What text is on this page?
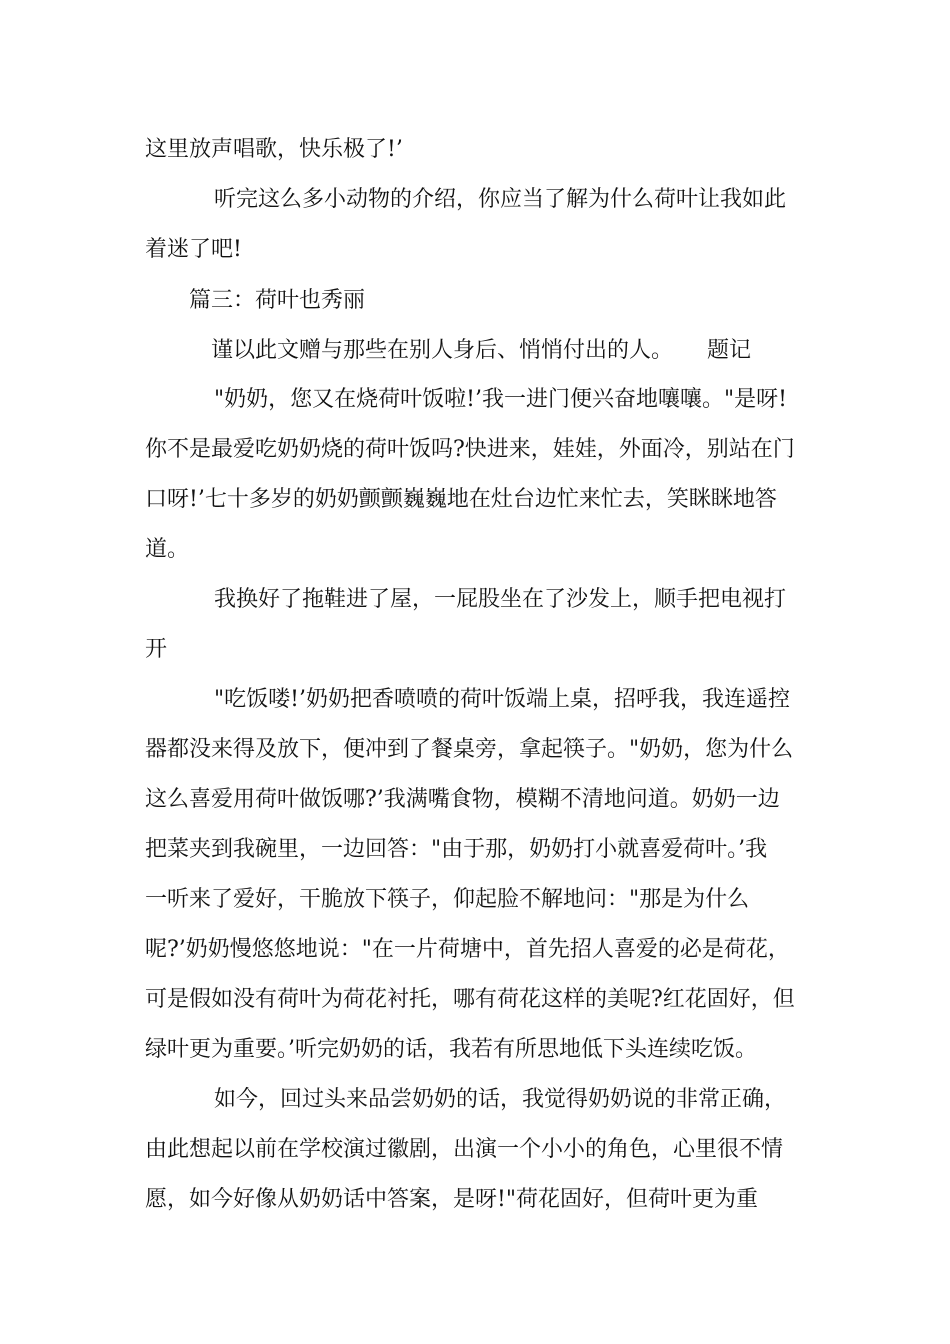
这里放声唱歌，快乐极了!’
听完这么多小动物的介绍，你应当了解为什么荷叶让我如此
着迷了吧!
篇三：荷叶也秀丽
谨以此文赠与那些在别人身后、悄悄付出的人。 题记
"奶奶，您又在烧荷叶饭啦!’我一进门便兴奋地嚷嚷。"是呀!
你不是最爱吃奶奶烧的荷叶饭吗?快进来，娃娃，外面冷，别站在门
口呀!’七十多岁的奶奶颤颤巍巍地在灶台边忙来忙去，笑眯眯地答
道。
我换好了拖鞋进了屋，一屁股坐在了沙发上，顺手把电视打
开
"吃饭喽!’奶奶把香喷喷的荷叶饭端上桌，招呼我，我连遥控
器都没来得及放下，便冲到了餐桌旁，拿起筷子。"奶奶，您为什么
这么喜爱用荷叶做饭哪?’我满嘴食物，模糊不清地问道。奶奶一边
把菜夹到我碗里，一边回答："由于那，奶奶打小就喜爱荷叶。’我
一听来了爱好，干脆放下筷子，仰起脸不解地问："那是为什么
呢?’奶奶慢悠悠地说："在一片荷塘中，首先招人喜爱的必是荷花，
可是假如没有荷叶为荷花衬托，哪有荷花这样的美呢?红花固好，但
绿叶更为重要。’听完奶奶的话，我若有所思地低下头连续吃饭。
如今，回过头来品尝奶奶的话，我觉得奶奶说的非常正确，
由此想起以前在学校演过徽剧，出演一个小小的角色，心里很不情
愿，如今好像从奶奶话中答案，是呀!"荷花固好，但荷叶更为重
